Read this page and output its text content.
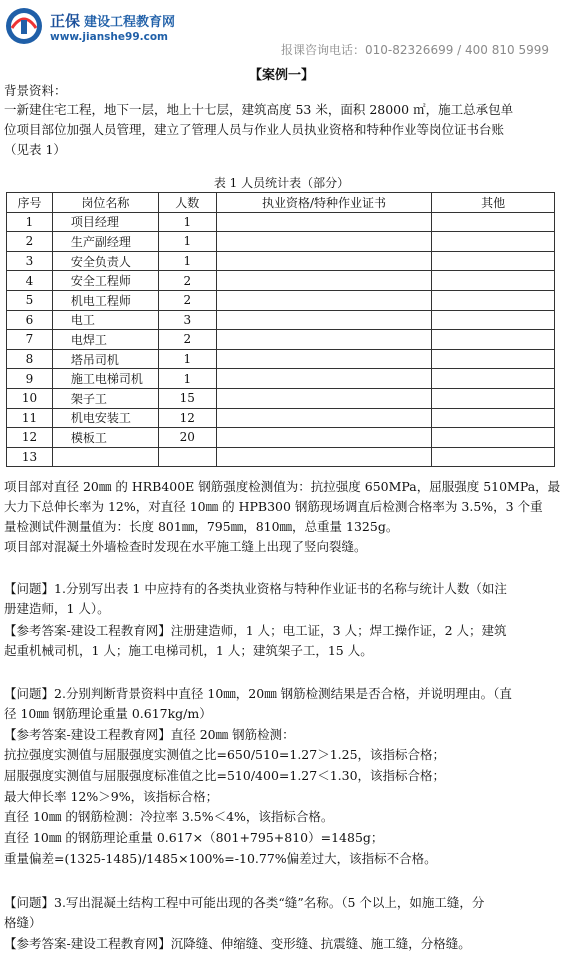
正保 建设工程教育网
www.jianshe99.com
报课咨询电话：010-82326699 / 400 810 5999
【案例一】
背景资料：
一新建住宅工程，地下一层，地上十七层，建筑高度 53 米，面积 28000 ㎡，施工总承包单
位项目部位加强人员管理，建立了管理人员与作业人员执业资格和特种作业等岗位证书台账
（见表 1）
表 1 人员统计表（部分）
序号	岗位名称	人数	执业资格/特种作业证书	其他
1	项目经理	1		
2	生产副经理	1		
3	安全负责人	1		
4	安全工程师	2		
5	机电工程师	2		
6	电工	3		
7	电焊工	2		
8	塔吊司机	1		
9	施工电梯司机	1		
10	架子工	15		
11	机电安装工	12		
12	模板工	20		
13				
项目部对直径 20㎜ 的 HRB400E 钢筋强度检测值为：抗拉强度 650MPa，屈服强度 510MPa，最
大力下总伸长率为 12%，对直径 10㎜ 的 HPB300 钢筋现场调直后检测合格率为 3.5%，3 个重
量检测试件测量值为：长度 801㎜，795㎜，810㎜，总重量 1325g。
项目部对混凝土外墙检查时发现在水平施工缝上出现了竖向裂缝。
【问题】1.分别写出表 1 中应持有的各类执业资格与特种作业证书的名称与统计人数（如注
册建造师，1 人）。
【参考答案-建设工程教育网】注册建造师，1 人；电工证，3 人；焊工操作证，2 人；建筑
起重机械司机，1 人；施工电梯司机，1 人；建筑架子工，15 人。
【问题】2.分别判断背景资料中直径 10㎜，20㎜ 钢筋检测结果是否合格，并说明理由。（直
径 10㎜ 钢筋理论重量 0.617kg/m）
【参考答案-建设工程教育网】直径 20㎜ 钢筋检测：
抗拉强度实测值与屈服强度实测值之比=650/510=1.27＞1.25，该指标合格；
屈服强度实测值与屈服强度标准值之比=510/400=1.27＜1.30，该指标合格；
最大伸长率 12%＞9%，该指标合格；
直径 10㎜ 的钢筋检测：冷拉率 3.5%＜4%，该指标合格。
直径 10㎜ 的钢筋理论重量 0.617×（801+795+810）=1485g；
重量偏差=(1325-1485)/1485×100%=-10.77%偏差过大，该指标不合格。
【问题】3.写出混凝土结构工程中可能出现的各类“缝”名称。（5 个以上，如施工缝，分
格缝）
【参考答案-建设工程教育网】沉降缝、伸缩缝、变形缝、抗震缝、施工缝，分格缝。
